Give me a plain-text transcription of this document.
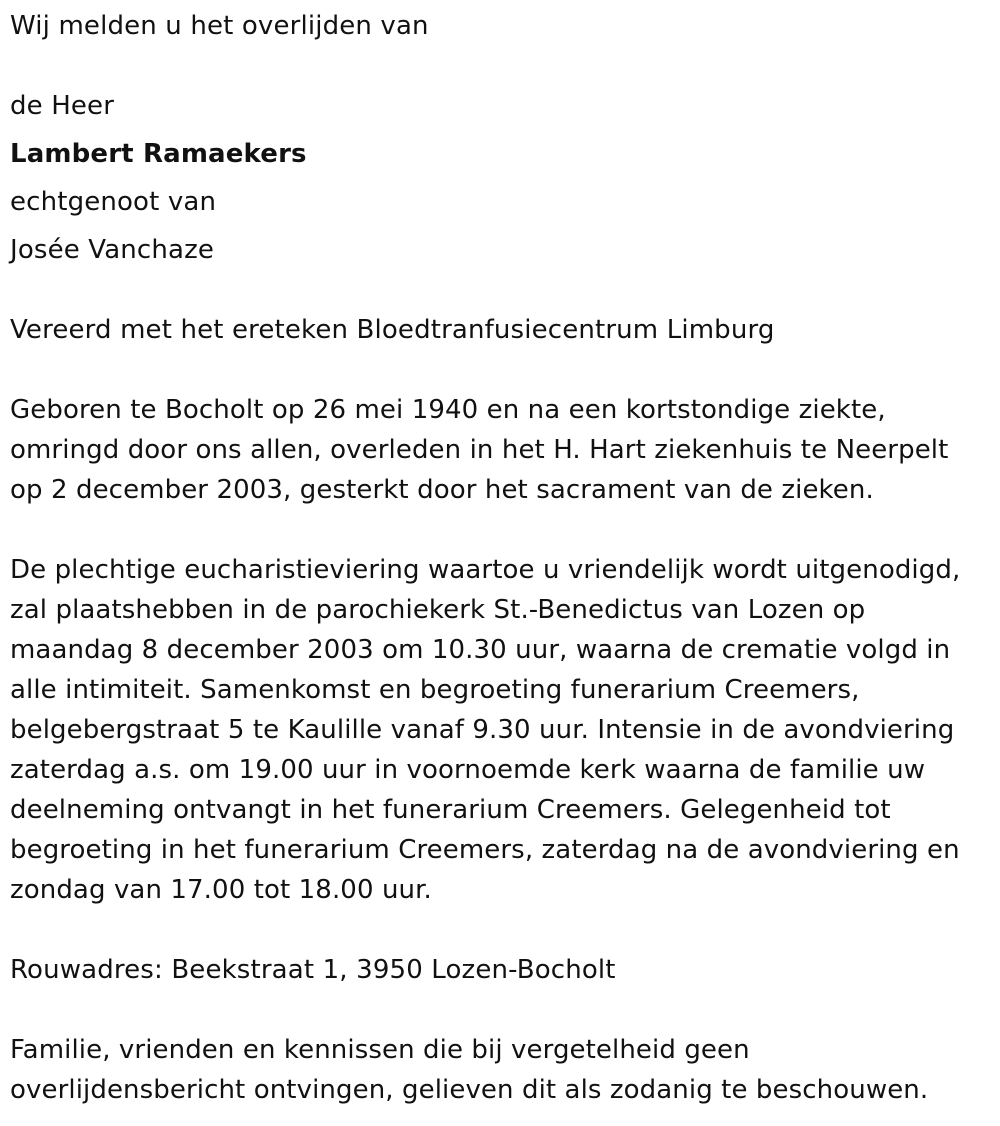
Wij melden u het overlijden van
de Heer
Lambert Ramaekers
echtgenoot van
Josée Vanchaze
Vereerd met het ereteken Bloedtranfusiecentrum Limburg
Geboren te Bocholt op 26 mei 1940 en na een kortstondige ziekte,
omringd door ons allen, overleden in het H. Hart ziekenhuis te Neerpelt
op 2 december 2003, gesterkt door het sacrament van de zieken.
De plechtige eucharistieviering waartoe u vriendelijk wordt uitgenodigd,
zal plaatshebben in de parochiekerk St.-Benedictus van Lozen op
maandag 8 december 2003 om 10.30 uur, waarna de crematie volgd in
alle intimiteit. Samenkomst en begroeting funerarium Creemers,
belgebergstraat 5 te Kaulille vanaf 9.30 uur. Intensie in de avondviering
zaterdag a.s. om 19.00 uur in voornoemde kerk waarna de familie uw
deelneming ontvangt in het funerarium Creemers. Gelegenheid tot
begroeting in het funerarium Creemers, zaterdag na de avondviering en
zondag van 17.00 tot 18.00 uur.
Rouwadres: Beekstraat 1, 3950 Lozen-Bocholt
Familie, vrienden en kennissen die bij vergetelheid geen
overlijdensbericht ontvingen, gelieven dit als zodanig te beschouwen.
